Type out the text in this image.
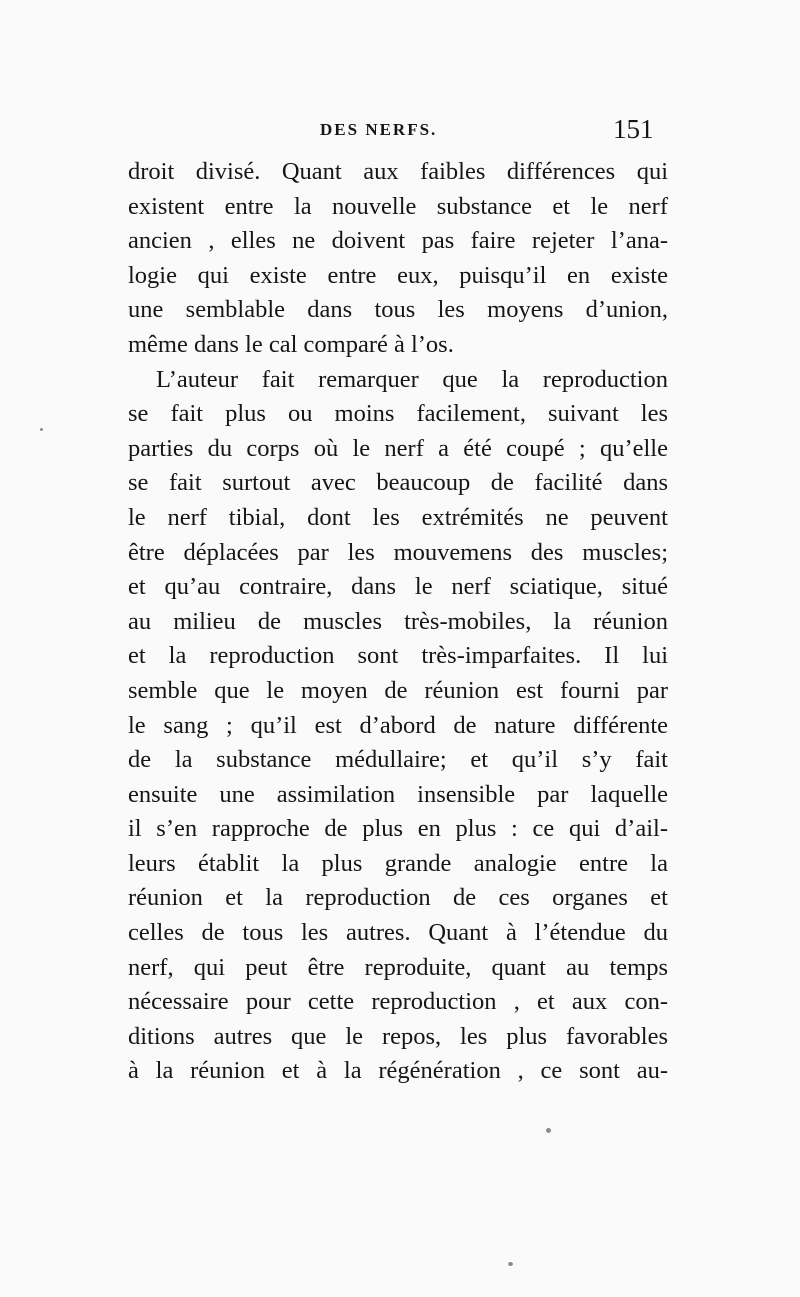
DES NERFS.	151
droit divisé. Quant aux faibles différences qui
existent entre la nouvelle substance et le nerf
ancien , elles ne doivent pas faire rejeter l’ana-
logie qui existe entre eux, puisqu’il en existe
une semblable dans tous les moyens d’union,
même dans le cal comparé à l’os.
L’auteur fait remarquer que la reproduction
se fait plus ou moins facilement, suivant les
parties du corps où le nerf a été coupé ; qu’elle
se fait surtout avec beaucoup de facilité dans
le nerf tibial, dont les extrémités ne peuvent
être déplacées par les mouvemens des muscles;
et qu’au contraire, dans le nerf sciatique, situé
au milieu de muscles très-mobiles, la réunion
et la reproduction sont très-imparfaites. Il lui
semble que le moyen de réunion est fourni par
le sang ; qu’il est d’abord de nature différente
de la substance médullaire; et qu’il s’y fait
ensuite une assimilation insensible par laquelle
il s’en rapproche de plus en plus : ce qui d’ail-
leurs établit la plus grande analogie entre la
réunion et la reproduction de ces organes et
celles de tous les autres. Quant à l’étendue du
nerf, qui peut être reproduite, quant au temps
nécessaire pour cette reproduction , et aux con-
ditions autres que le repos, les plus favorables
à la réunion et à la régénération , ce sont au-
